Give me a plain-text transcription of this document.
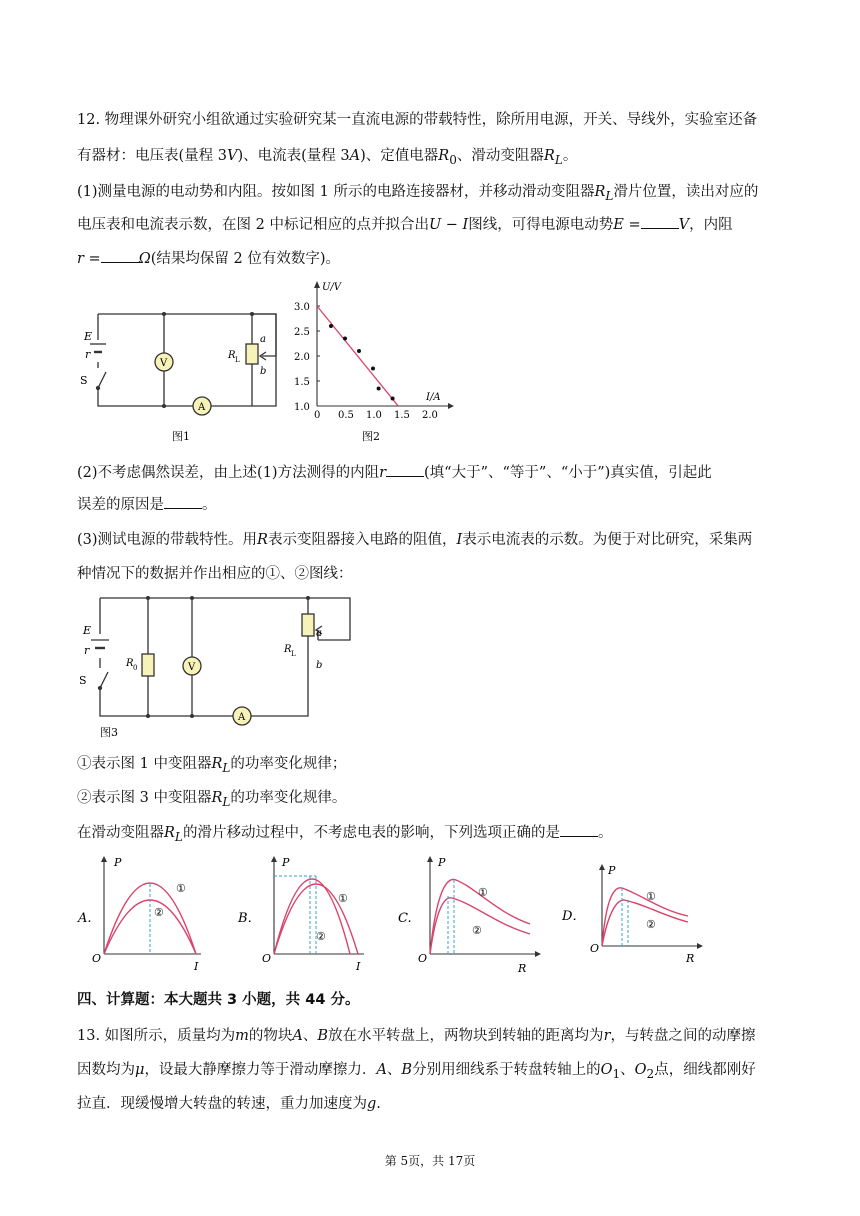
12. 物理课外研究小组欲通过实验研究某一直流电源的带载特性，除所用电源，开关、导线外，实验室还备
有器材：电压表(量程 3V)、电流表(量程 3A)、定值电器$R_0$、滑动变阻器$R_L$。
(1)测量电源的电动势和内阻。按如图 1 所示的电路连接器材，并移动滑动变阻器$R_L$滑片位置，读出对应的
电压表和电流表示数，在图 2 中标记相应的点并拟合出U − I图线，可得电源电动势E =	V，内阻
r =	Ω(结果均保留 2 位有效数字)。
E
r
S
V
A
a
b
R L
图1
U/V
I/A
3.0
2.5
2.0
1.5
1.0
0 0.5 1.0 1.5 2.0
图2
(2)不考虑偶然误差，由上述(1)方法测得的内阻r	(填“大于”、“等于”、“小于”)真实值，引起此
误差的原因是	。
(3)测试电源的带载特性。用R表示变阻器接入电路的阻值，I表示电流表的示数。为便于对比研究，采集两
种情况下的数据并作出相应的①、②图线：
E
r
S
R 0	V
A
a
b
R L
图3
①表示图 1 中变阻器$R_L$的功率变化规律；
②表示图 3 中变阻器$R_L$的功率变化规律。
在滑动变阻器$R_L$的滑片移动过程中，不考虑电表的影响，下列选项正确的是	。
A.
P
O
I
①
②	B．
P
O
I
①
②
C.
P
O
R
①
②
D．
P
O
R
①
②
四、计算题：本大题共 3 小题，共 44 分。
13. 如图所示，质量均为m的物块A、B放在水平转盘上，两物块到转轴的距离均为r，与转盘之间的动摩擦
因数均为μ，设最大静摩擦力等于滑动摩擦力．A、B分别用细线系于转盘转轴上的$O_1$、$O_2$点，细线都刚好
拉直．现缓慢增大转盘的转速，重力加速度为g.
第 5页，共 17页
